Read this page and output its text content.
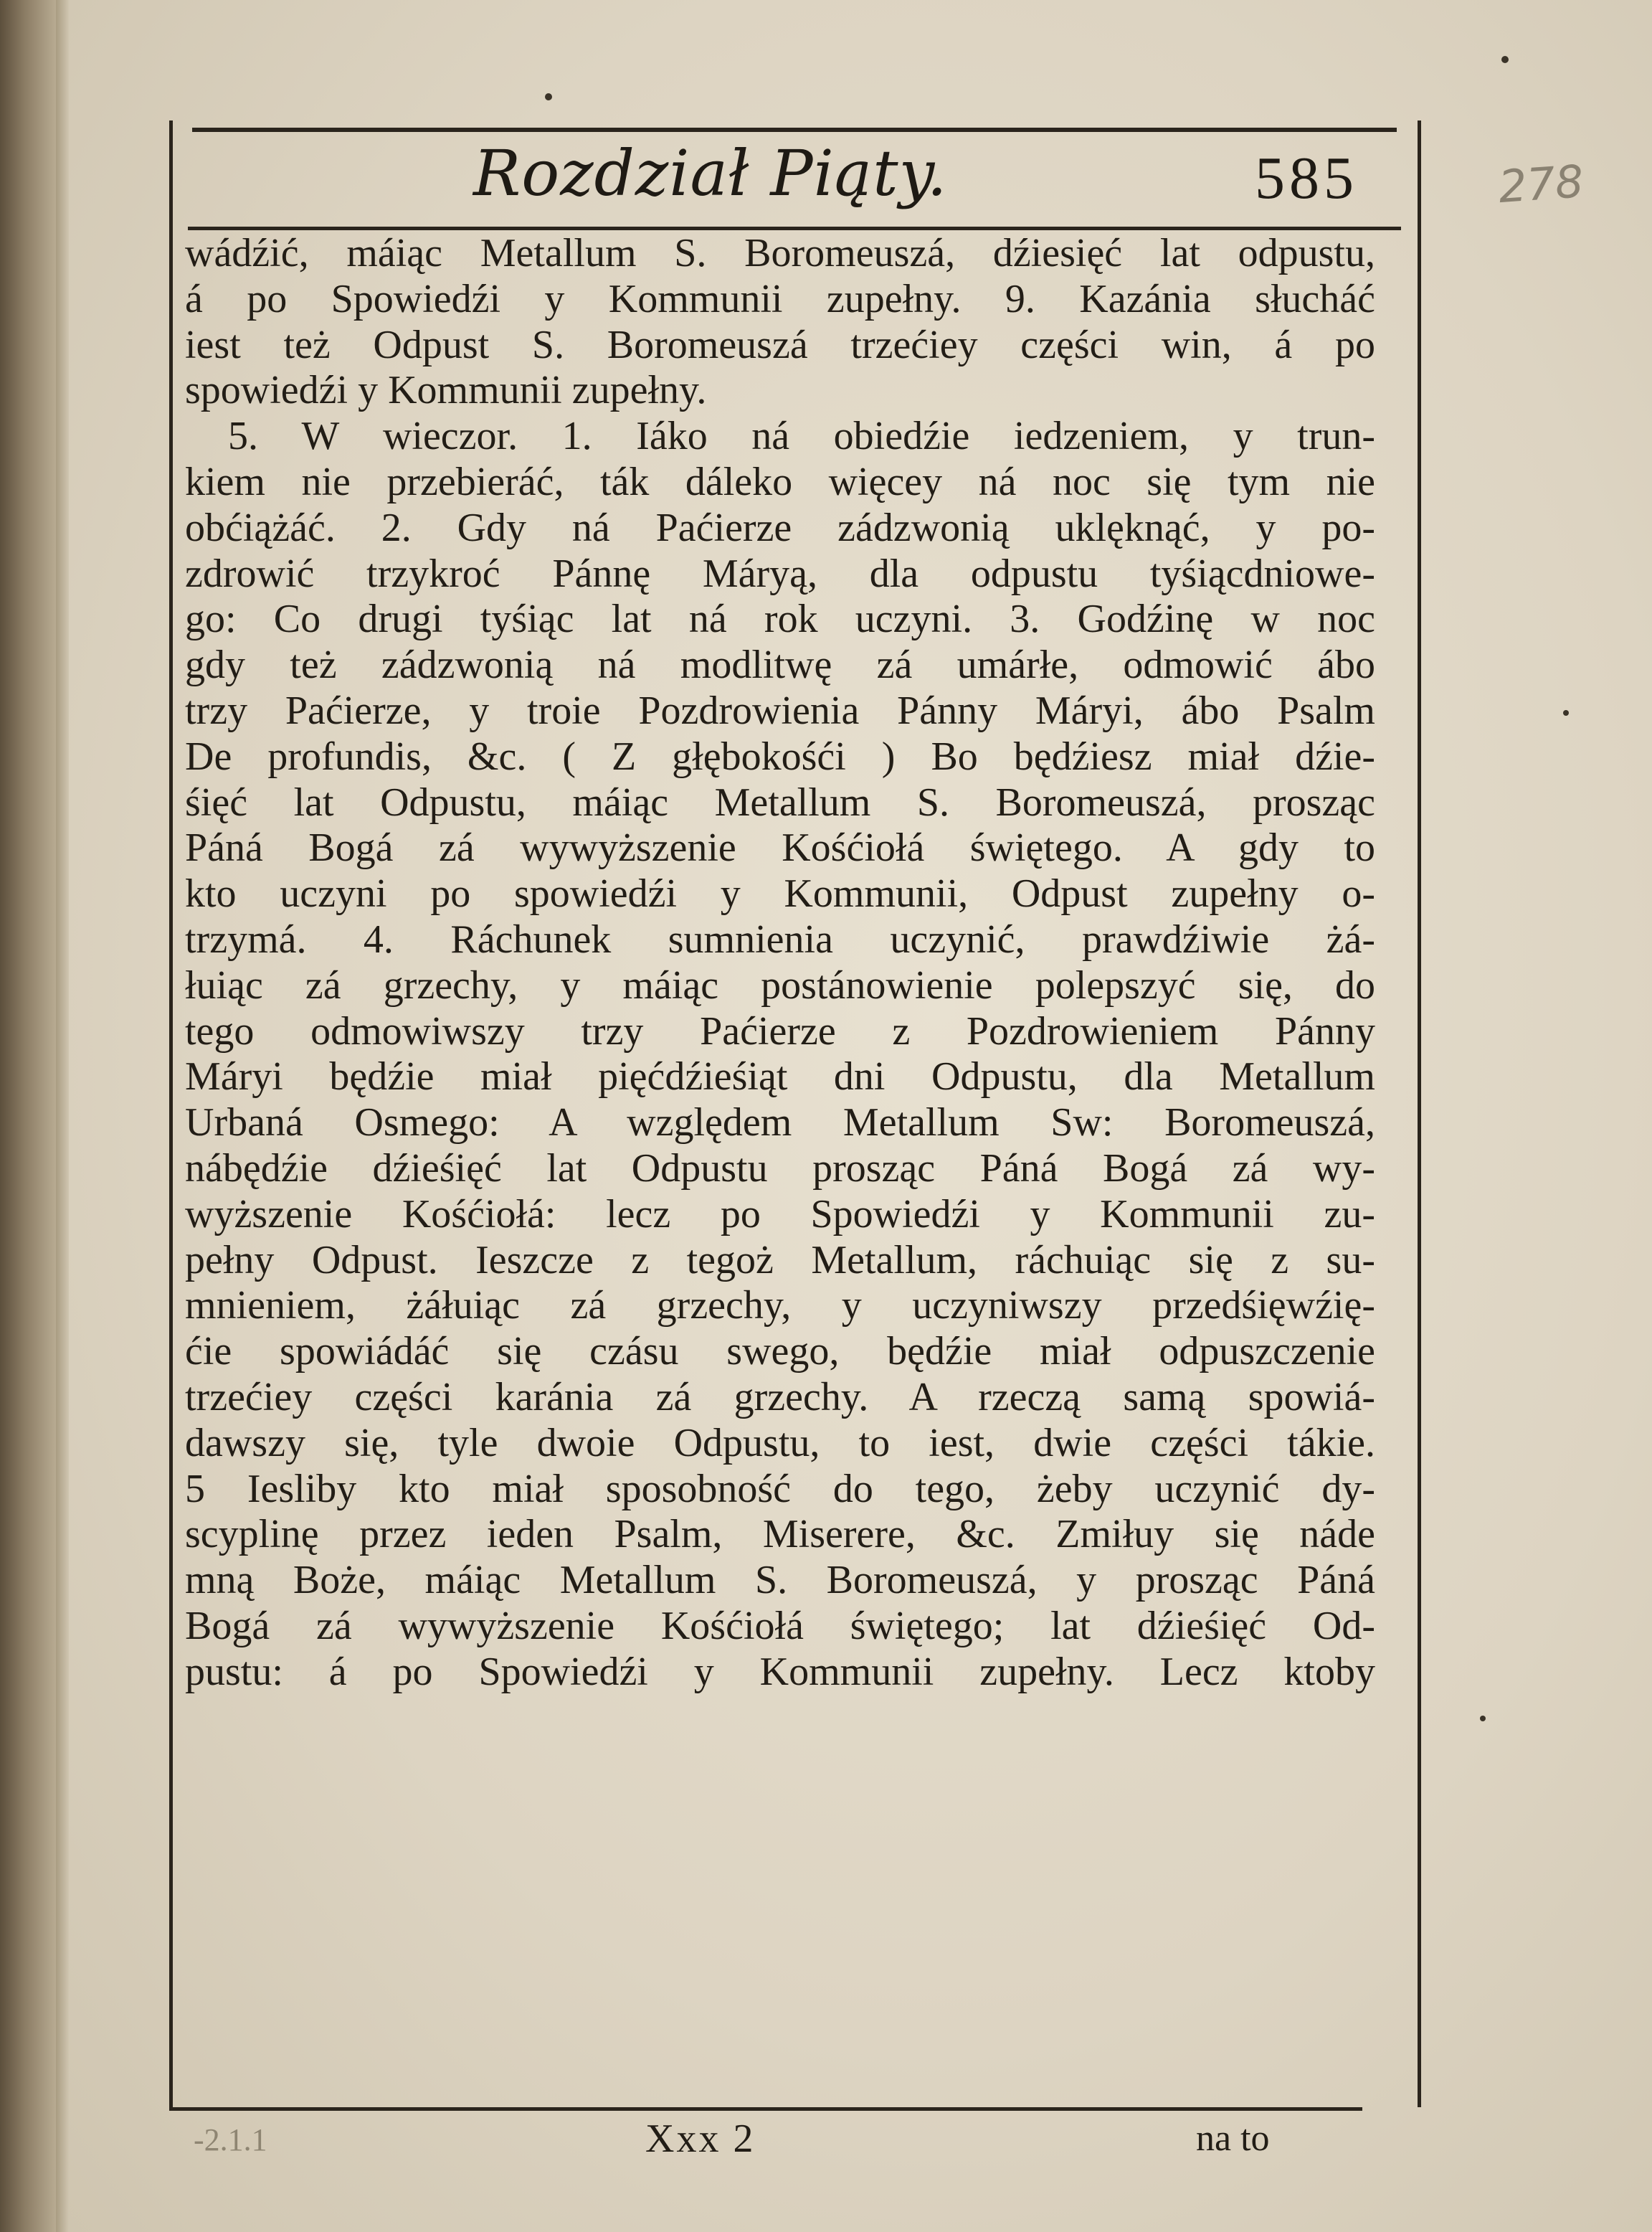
Rozdział Piąty.	585	278
wádźić, máiąc Metallum S. Boromeuszá, dźiesięć lat odpustu,
á po Spowiedźi y Kommunii zupełny. 9. Kazánia słucháć
iest też Odpust S. Boromeuszá trzećiey części win, á po
spowiedźi y Kommunii zupełny.
5. W wieczor. 1. Iáko ná obiedźie iedzeniem, y trun-
kiem nie przebieráć, ták dáleko więcey ná noc się tym nie
obćiążáć. 2. Gdy ná Paćierze zádzwonią uklęknąć, y po-
zdrowić trzykroć Pánnę Máryą, dla odpustu tyśiącdniowe-
go: Co drugi tyśiąc lat ná rok uczyni. 3. Godźinę w noc
gdy też zádzwonią ná modlitwę zá umárłe, odmowić ábo
trzy Paćierze, y troie Pozdrowienia Pánny Máryi, ábo Psalm
De profundis, &c. ( Z głębokośći ) Bo będźiesz miał dźie-
śięć lat Odpustu, máiąc Metallum S. Boromeuszá, prosząc
Páná Bogá zá wywyższenie Kośćiołá świętego. A gdy to
kto uczyni po spowiedźi y Kommunii, Odpust zupełny o-
trzymá. 4. Ráchunek sumnienia uczynić, prawdźiwie żá-
łuiąc zá grzechy, y máiąc postánowienie polepszyć się, do
tego odmowiwszy trzy Paćierze z Pozdrowieniem Pánny
Máryi będźie miał pięćdźieśiąt dni Odpustu, dla Metallum
Urbaná Osmego: A względem Metallum Sw: Boromeuszá,
nábędźie dźieśięć lat Odpustu prosząc Páná Bogá zá wy-
wyższenie Kośćiołá: lecz po Spowiedźi y Kommunii zu-
pełny Odpust. Ieszcze z tegoż Metallum, ráchuiąc się z su-
mnieniem, żáłuiąc zá grzechy, y uczyniwszy przedśięwźię-
ćie spowiádáć się czásu swego, będźie miał odpuszczenie
trzećiey części karánia zá grzechy. A rzeczą samą spowiá-
dawszy się, tyle dwoie Odpustu, to iest, dwie części tákie.
5 Iesliby kto miał sposobność do tego, żeby uczynić dy-
scyplinę przez ieden Psalm, Miserere, &c. Zmiłuy się náde
mną Boże, máiąc Metallum S. Boromeuszá, y prosząc Páná
Bogá zá wywyższenie Kośćiołá świętego; lat dźieśięć Od-
pustu: á po Spowiedźi y Kommunii zupełny. Lecz ktoby
-2.1.1	Xxx 2	na to
